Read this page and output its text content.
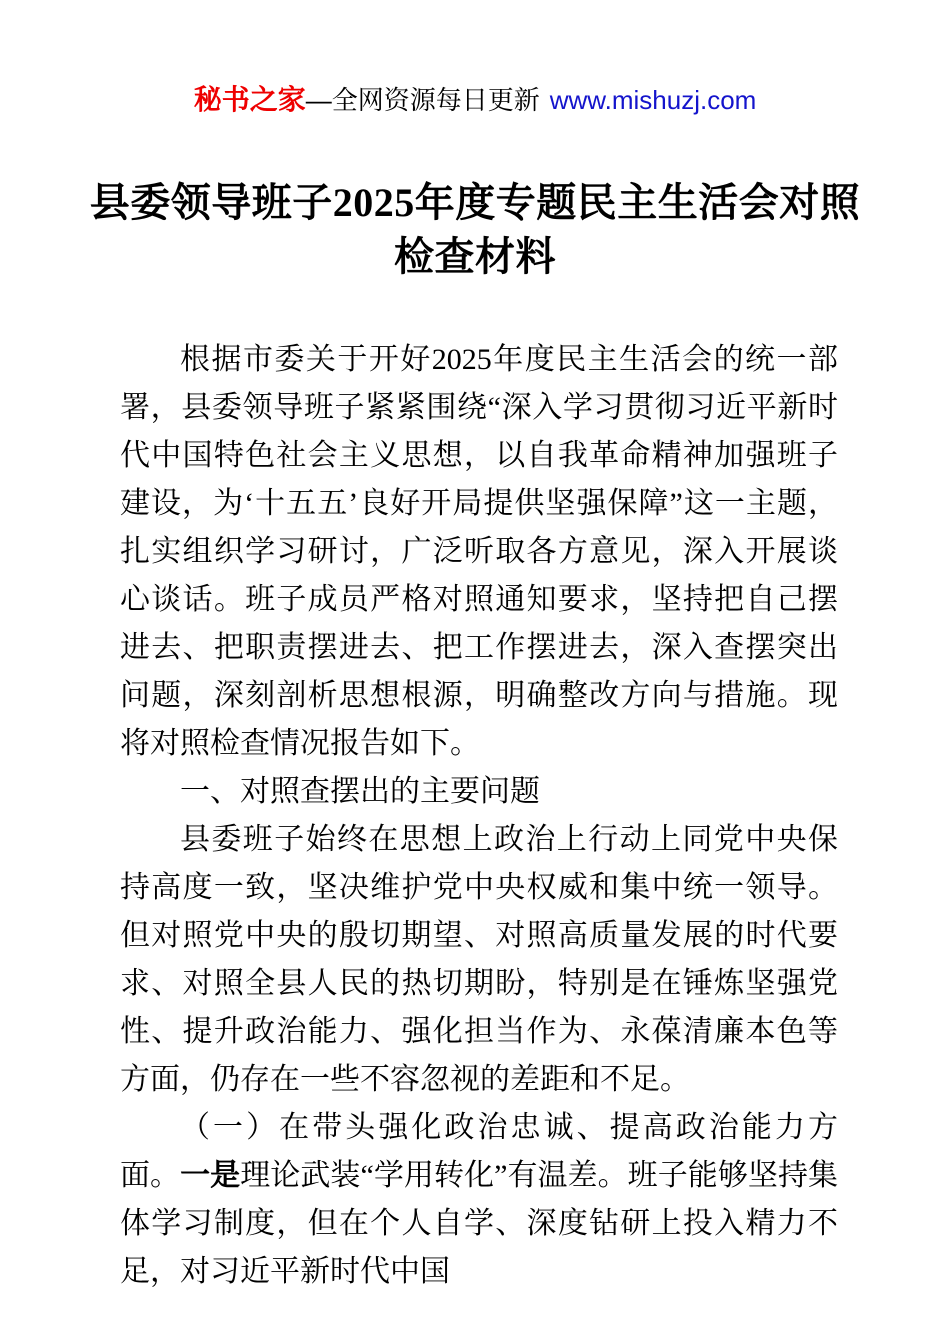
秘书之家—全网资源每日更新 www.mishuzj.com
县委领导班子2025年度专题民主生活会对照检查材料

根据市委关于开好2025年度民主生活会的统一部署，县委领导班子紧紧围绕“深入学习贯彻习近平新时代中国特色社会主义思想，以自我革命精神加强班子建设，为‘十五五’良好开局提供坚强保障”这一主题，扎实组织学习研讨，广泛听取各方意见，深入开展谈心谈话。班子成员严格对照通知要求，坚持把自己摆进去、把职责摆进去、把工作摆进去，深入查摆突出问题，深刻剖析思想根源，明确整改方向与措施。现将对照检查情况报告如下。

一、对照查摆出的主要问题

县委班子始终在思想上政治上行动上同党中央保持高度一致，坚决维护党中央权威和集中统一领导。但对照党中央的殷切期望、对照高质量发展的时代要求、对照全县人民的热切期盼，特别是在锤炼坚强党性、提升政治能力、强化担当作为、永葆清廉本色等方面，仍存在一些不容忽视的差距和不足。

（一）在带头强化政治忠诚、提高政治能力方面。一是理论武装“学用转化”有温差。班子能够坚持集体学习制度，但在个人自学、深度钻研上投入精力不足，对习近平新时代中国
